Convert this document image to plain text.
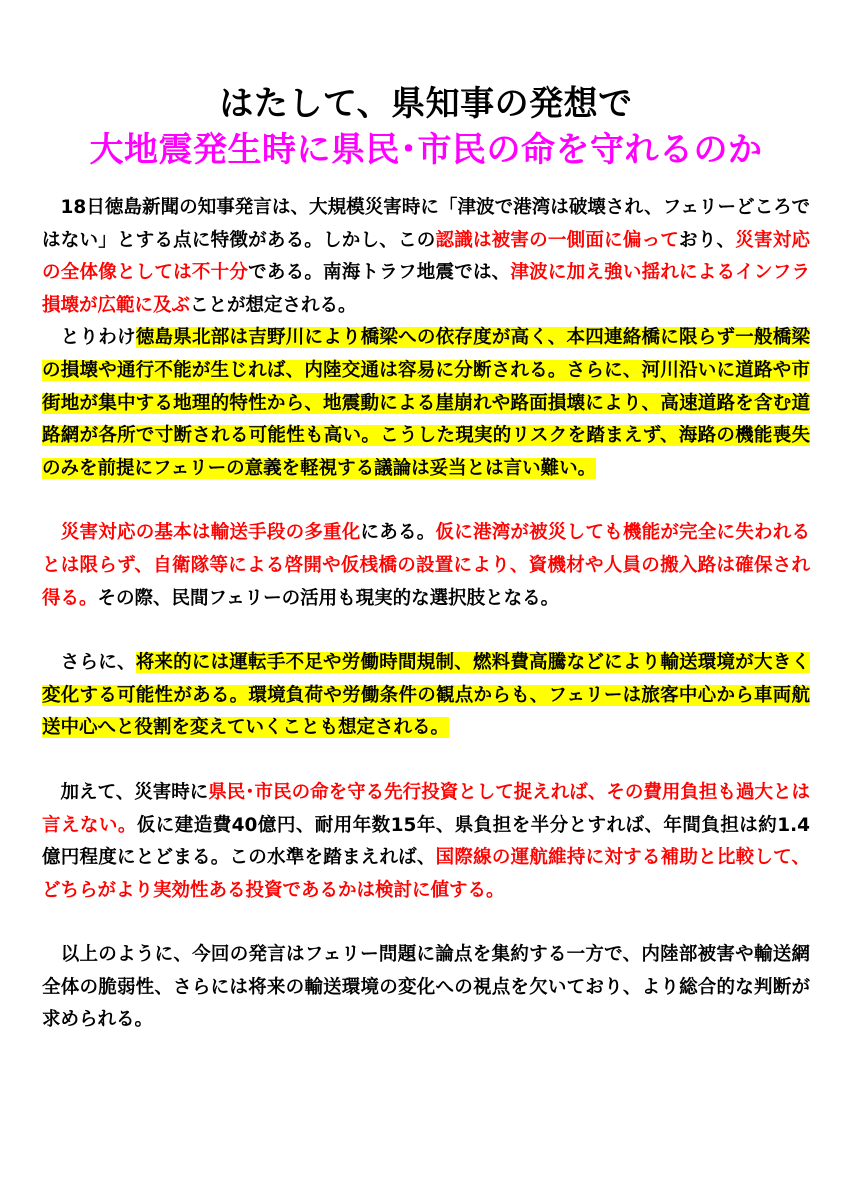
はたして、県知事の発想で
大地震発生時に県民･市民の命を守れるのか

　18日徳島新聞の知事発言は、大規模災害時に「津波で港湾は破壊され、フェリーどころではない」とする点に特徴がある。しかし、この認識は被害の一側面に偏っており、災害対応の全体像としては不十分である。南海トラフ地震では、津波に加え強い揺れによるインフラ損壊が広範に及ぶことが想定される。

　とりわけ徳島県北部は吉野川により橋梁への依存度が高く、本四連絡橋に限らず一般橋梁の損壊や通行不能が生じれば、内陸交通は容易に分断される。さらに、河川沿いに道路や市街地が集中する地理的特性から、地震動による崖崩れや路面損壊により、高速道路を含む道路網が各所で寸断される可能性も高い。こうした現実的リスクを踏まえず、海路の機能喪失のみを前提にフェリーの意義を軽視する議論は妥当とは言い難い。

　災害対応の基本は輸送手段の多重化にある。仮に港湾が被災しても機能が完全に失われるとは限らず、自衛隊等による啓開や仮桟橋の設置により、資機材や人員の搬入路は確保され得る。その際、民間フェリーの活用も現実的な選択肢となる。

　さらに、将来的には運転手不足や労働時間規制、燃料費高騰などにより輸送環境が大きく変化する可能性がある。環境負荷や労働条件の観点からも、フェリーは旅客中心から車両航送中心へと役割を変えていくことも想定される。

　加えて、災害時に県民･市民の命を守る先行投資として捉えれば、その費用負担も過大とは言えない。仮に建造費40億円、耐用年数15年、県負担を半分とすれば、年間負担は約1.4億円程度にとどまる。この水準を踏まえれば、国際線の運航維持に対する補助と比較して、どちらがより実効性ある投資であるかは検討に値する。

　以上のように、今回の発言はフェリー問題に論点を集約する一方で、内陸部被害や輸送網全体の脆弱性、さらには将来の輸送環境の変化への視点を欠いており、より総合的な判断が求められる。
